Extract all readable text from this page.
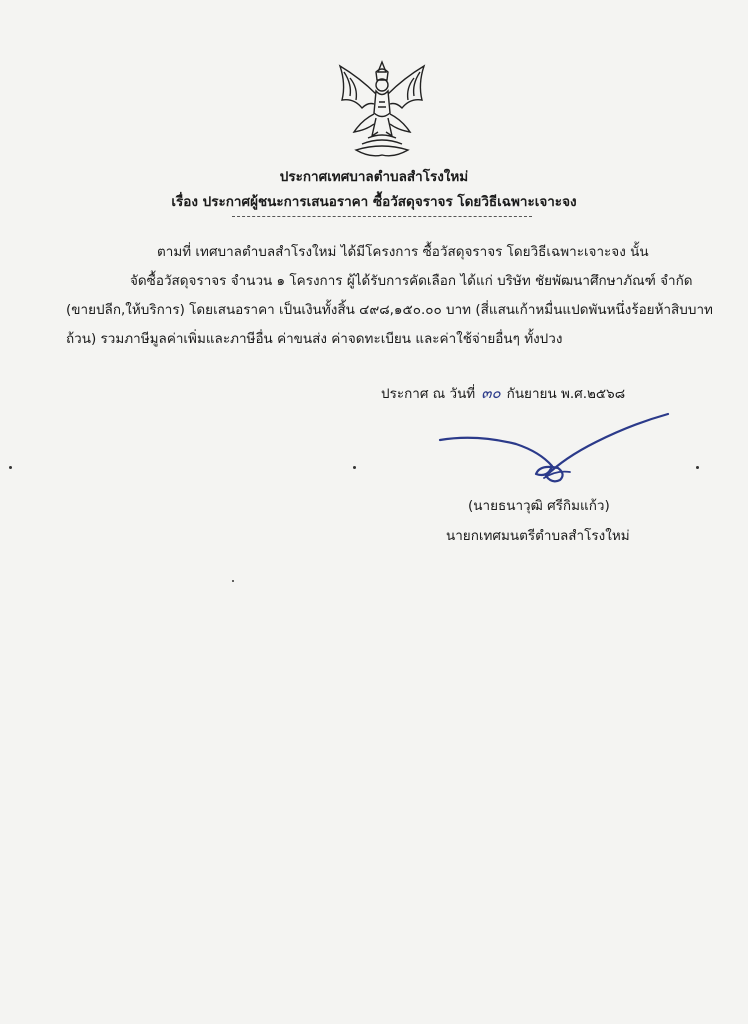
ประกาศเทศบาลตำบลสำโรงใหม่
เรื่อง ประกาศผู้ชนะการเสนอราคา ซื้อวัสดุจราจร โดยวิธีเฉพาะเจาะจง
ตามที่ เทศบาลตำบลสำโรงใหม่ ได้มีโครงการ ซื้อวัสดุจราจร โดยวิธีเฉพาะเจาะจง นั้น
จัดซื้อวัสดุจราจร จำนวน ๑ โครงการ ผู้ได้รับการคัดเลือก ได้แก่ บริษัท ชัยพัฒนาศึกษาภัณฑ์ จำกัด
(ขายปลีก,ให้บริการ) โดยเสนอราคา เป็นเงินทั้งสิ้น ๔๙๘,๑๕๐.๐๐ บาท (สี่แสนเก้าหมื่นแปดพันหนึ่งร้อยห้าสิบบาท
ถ้วน) รวมภาษีมูลค่าเพิ่มและภาษีอื่น ค่าขนส่ง ค่าจดทะเบียน และค่าใช้จ่ายอื่นๆ ทั้งปวง
ประกาศ ณ วันที่ ๓๐ กันยายน พ.ศ.๒๕๖๘
(นายธนาวุฒิ ศรีกิมแก้ว)
นายกเทศมนตรีตำบลสำโรงใหม่
